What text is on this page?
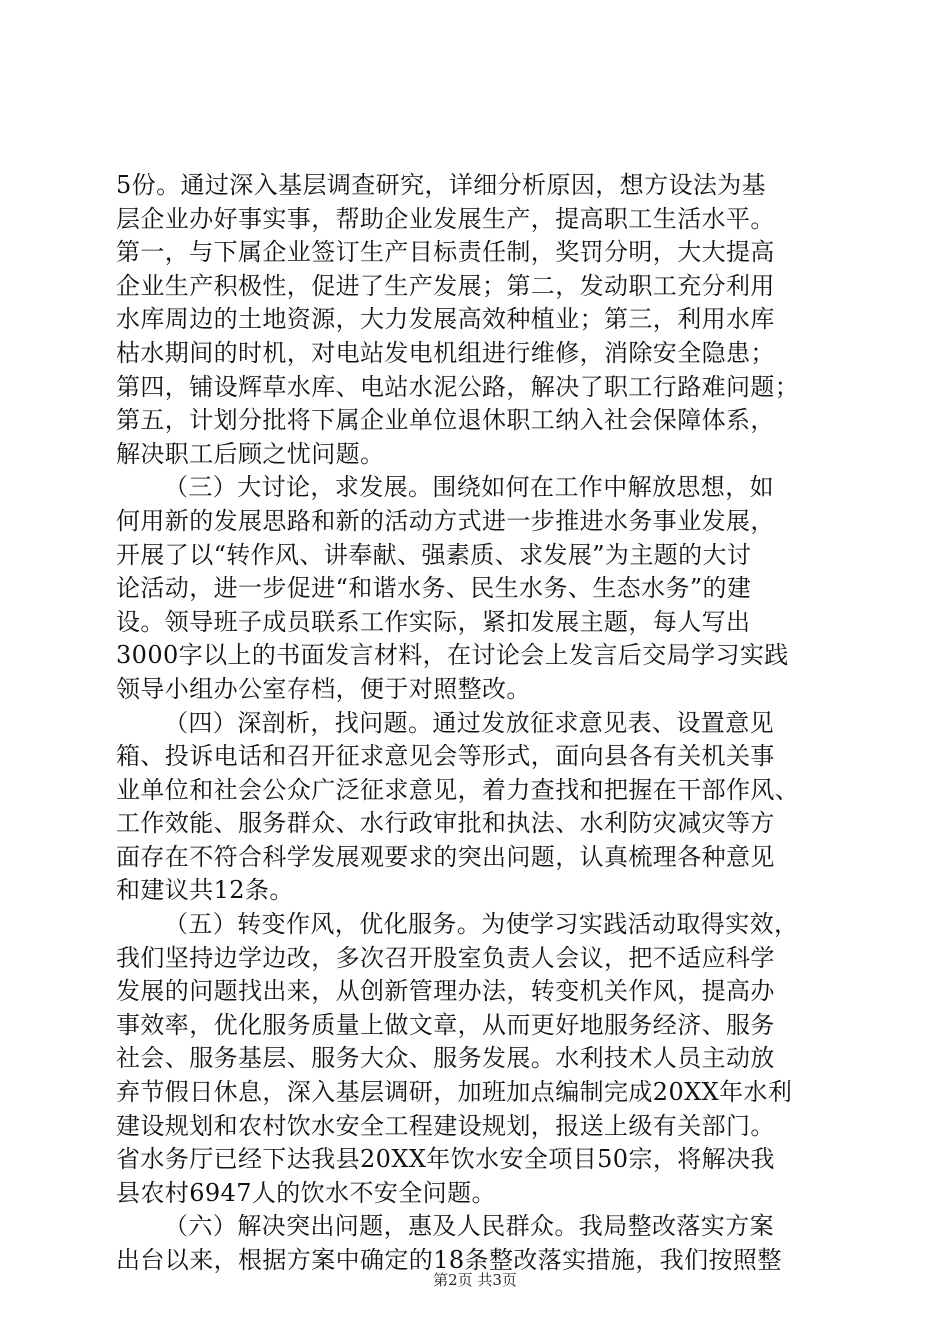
5份。通过深入基层调查研究，详细分析原因，想方设法为基
层企业办好事实事，帮助企业发展生产，提高职工生活水平。
第一，与下属企业签订生产目标责任制，奖罚分明，大大提高
企业生产积极性，促进了生产发展；第二，发动职工充分利用
水库周边的土地资源，大力发展高效种植业；第三，利用水库
枯水期间的时机，对电站发电机组进行维修，消除安全隐患；
第四，铺设辉草水库、电站水泥公路，解决了职工行路难问题；
第五，计划分批将下属企业单位退休职工纳入社会保障体系，
解决职工后顾之忧问题。
（三）大讨论，求发展。围绕如何在工作中解放思想，如
何用新的发展思路和新的活动方式进一步推进水务事业发展，
开展了以“转作风、讲奉献、强素质、求发展”为主题的大讨
论活动，进一步促进“和谐水务、民生水务、生态水务”的建
设。领导班子成员联系工作实际，紧扣发展主题，每人写出
3000字以上的书面发言材料，在讨论会上发言后交局学习实践
领导小组办公室存档，便于对照整改。
（四）深剖析，找问题。通过发放征求意见表、设置意见
箱、投诉电话和召开征求意见会等形式，面向县各有关机关事
业单位和社会公众广泛征求意见，着力查找和把握在干部作风、
工作效能、服务群众、水行政审批和执法、水利防灾减灾等方
面存在不符合科学发展观要求的突出问题，认真梳理各种意见
和建议共12条。
（五）转变作风，优化服务。为使学习实践活动取得实效，
我们坚持边学边改，多次召开股室负责人会议，把不适应科学
发展的问题找出来，从创新管理办法，转变机关作风，提高办
事效率，优化服务质量上做文章，从而更好地服务经济、服务
社会、服务基层、服务大众、服务发展。水利技术人员主动放
弃节假日休息，深入基层调研，加班加点编制完成20XX年水利
建设规划和农村饮水安全工程建设规划，报送上级有关部门。
省水务厅已经下达我县20XX年饮水安全项目50宗，将解决我
县农村6947人的饮水不安全问题。
（六）解决突出问题，惠及人民群众。我局整改落实方案
出台以来，根据方案中确定的18条整改落实措施，我们按照整
第2页 共3页
